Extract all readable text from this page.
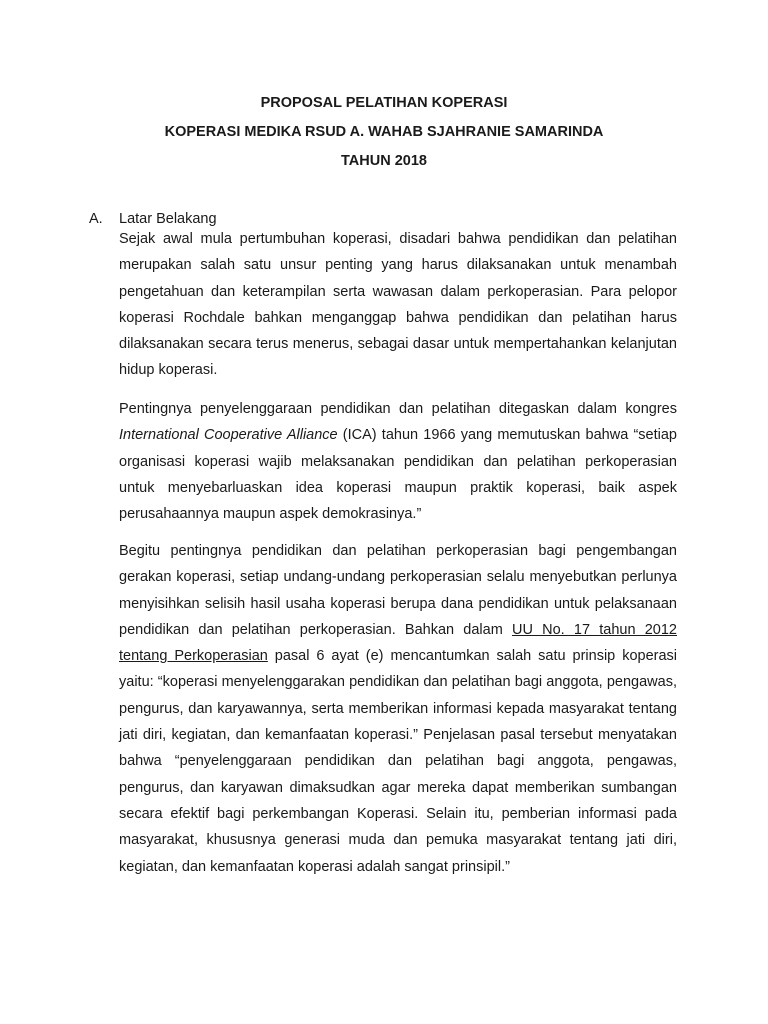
PROPOSAL PELATIHAN KOPERASI
KOPERASI MEDIKA RSUD A. WAHAB SJAHRANIE SAMARINDA
TAHUN 2018
A. Latar Belakang

Sejak awal mula pertumbuhan koperasi, disadari bahwa pendidikan dan pelatihan merupakan salah satu unsur penting yang harus dilaksanakan untuk menambah pengetahuan dan keterampilan serta wawasan dalam perkoperasian. Para pelopor koperasi Rochdale bahkan menganggap bahwa pendidikan dan pelatihan harus dilaksanakan secara terus menerus, sebagai dasar untuk mempertahankan kelanjutan hidup koperasi.

Pentingnya penyelenggaraan pendidikan dan pelatihan ditegaskan dalam kongres International Cooperative Alliance (ICA) tahun 1966 yang memutuskan bahwa “setiap organisasi koperasi wajib melaksanakan pendidikan dan pelatihan perkoperasian untuk menyebarluaskan idea koperasi maupun praktik koperasi, baik aspek perusahaannya maupun aspek demokrasinya.”

Begitu pentingnya pendidikan dan pelatihan perkoperasian bagi pengembangan gerakan koperasi, setiap undang-undang perkoperasian selalu menyebutkan perlunya menyisihkan selisih hasil usaha koperasi berupa dana pendidikan untuk pelaksanaan pendidikan dan pelatihan perkoperasian. Bahkan dalam UU No. 17 tahun 2012 tentang Perkoperasian pasal 6 ayat (e) mencantumkan salah satu prinsip koperasi yaitu: “koperasi menyelenggarakan pendidikan dan pelatihan bagi anggota, pengawas, pengurus, dan karyawannya, serta memberikan informasi kepada masyarakat tentang jati diri, kegiatan, dan kemanfaatan koperasi.” Penjelasan pasal tersebut menyatakan bahwa “penyelenggaraan pendidikan dan pelatihan bagi anggota, pengawas, pengurus, dan karyawan dimaksudkan agar mereka dapat memberikan sumbangan secara efektif bagi perkembangan Koperasi. Selain itu, pemberian informasi pada masyarakat, khususnya generasi muda dan pemuka masyarakat tentang jati diri, kegiatan, dan kemanfaatan koperasi adalah sangat prinsipil.”
